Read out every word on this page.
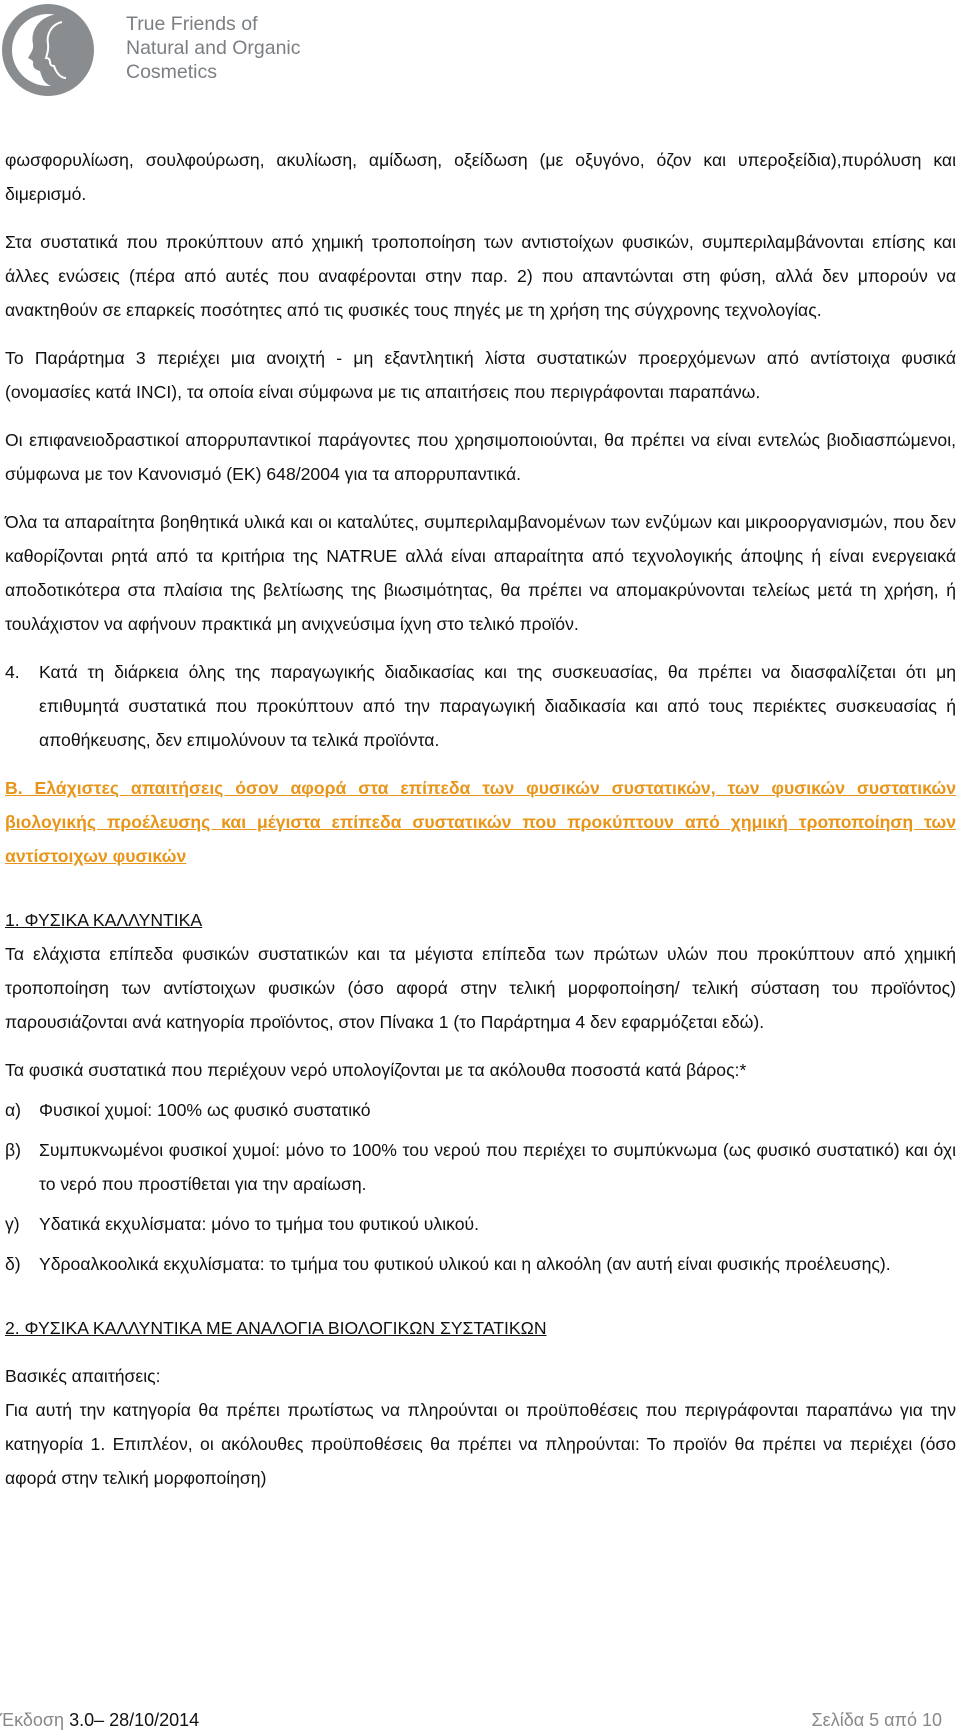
True Friends of
Natural and Organic
Cosmetics

φωσφορυλίωση, σουλφούρωση, ακυλίωση, αμίδωση, οξείδωση (με οξυγόνο, όζον και υπεροξείδια),πυρόλυση και διμερισμό.

Στα συστατικά που προκύπτουν από χημική τροποποίηση των αντιστοίχων φυσικών, συμπεριλαμβάνονται επίσης και άλλες ενώσεις (πέρα από αυτές που αναφέρονται στην παρ. 2) που απαντώνται στη φύση, αλλά δεν μπορούν να ανακτηθούν σε επαρκείς ποσότητες από τις φυσικές τους πηγές με τη χρήση της σύγχρονης τεχνολογίας.

Το Παράρτημα 3 περιέχει μια ανοιχτή - μη εξαντλητική λίστα συστατικών προερχόμενων από αντίστοιχα φυσικά (ονομασίες κατά INCI), τα οποία είναι σύμφωνα με τις απαιτήσεις που περιγράφονται παραπάνω.

Οι επιφανειοδραστικοί απορρυπαντικοί παράγοντες που χρησιμοποιούνται, θα πρέπει να είναι εντελώς βιοδιασπώμενοι, σύμφωνα με τον Κανονισμό (ΕΚ) 648/2004 για τα απορρυπαντικά.

Όλα τα απαραίτητα βοηθητικά υλικά και οι καταλύτες, συμπεριλαμβανομένων των ενζύμων και μικροοργανισμών, που δεν καθορίζονται ρητά από τα κριτήρια της NATRUE αλλά είναι απαραίτητα από τεχνολογικής άποψης ή είναι ενεργειακά αποδοτικότερα στα πλαίσια της βελτίωσης της βιωσιμότητας, θα πρέπει να απομακρύνονται τελείως μετά τη χρήση, ή τουλάχιστον να αφήνουν πρακτικά μη ανιχνεύσιμα ίχνη στο τελικό προϊόν.

4.	Κατά τη διάρκεια όλης της παραγωγικής διαδικασίας και της συσκευασίας, θα πρέπει να διασφαλίζεται ότι μη επιθυμητά συστατικά που προκύπτουν από την παραγωγική διαδικασία και από τους περιέκτες συσκευασίας ή αποθήκευσης, δεν επιμολύνουν τα τελικά προϊόντα.
Β. Ελάχιστες απαιτήσεις όσον αφορά στα επίπεδα των φυσικών συστατικών, των φυσικών συστατικών βιολογικής προέλευσης και μέγιστα επίπεδα συστατικών που προκύπτουν από χημική τροποποίηση των αντίστοιχων φυσικών
1. ΦΥΣΙΚΑ ΚΑΛΛΥΝΤΙΚΑ

Τα ελάχιστα επίπεδα φυσικών συστατικών και τα μέγιστα επίπεδα των πρώτων υλών που προκύπτουν από χημική τροποποίηση των αντίστοιχων φυσικών (όσο αφορά στην τελική μορφοποίηση/ τελική σύσταση του προϊόντος) παρουσιάζονται ανά κατηγορία προϊόντος, στον Πίνακα 1 (το Παράρτημα 4 δεν εφαρμόζεται εδώ).

Τα φυσικά συστατικά που περιέχουν νερό υπολογίζονται με τα ακόλουθα ποσοστά κατά βάρος:*

α)	Φυσικοί χυμοί: 100% ως φυσικό συστατικό
β)	Συμπυκνωμένοι φυσικοί χυμοί: μόνο το 100% του νερού που περιέχει το συμπύκνωμα (ως φυσικό συστατικό) και όχι το νερό που προστίθεται για την αραίωση.
γ)	Υδατικά εκχυλίσματα: μόνο το τμήμα του φυτικού υλικού.
δ)	Υδροαλκοολικά εκχυλίσματα: το τμήμα του φυτικού υλικού και η αλκοόλη (αν αυτή είναι φυσικής προέλευσης).
2. ΦΥΣΙΚΑ ΚΑΛΛΥΝΤΙΚΑ ΜΕ ΑΝΑΛΟΓΙΑ ΒΙΟΛΟΓΙΚΩΝ ΣΥΣΤΑΤΙΚΩΝ
Βασικές απαιτήσεις:

Για αυτή την κατηγορία θα πρέπει πρωτίστως να πληρούνται οι προϋποθέσεις που περιγράφονται παραπάνω για την κατηγορία 1. Επιπλέον, οι ακόλουθες προϋποθέσεις θα πρέπει να πληρούνται: Το προϊόν θα πρέπει να περιέχει (όσο αφορά στην τελική μορφοποίηση)

Έκδοση 3.0– 28/10/2014	Σελίδα 5 από 10
